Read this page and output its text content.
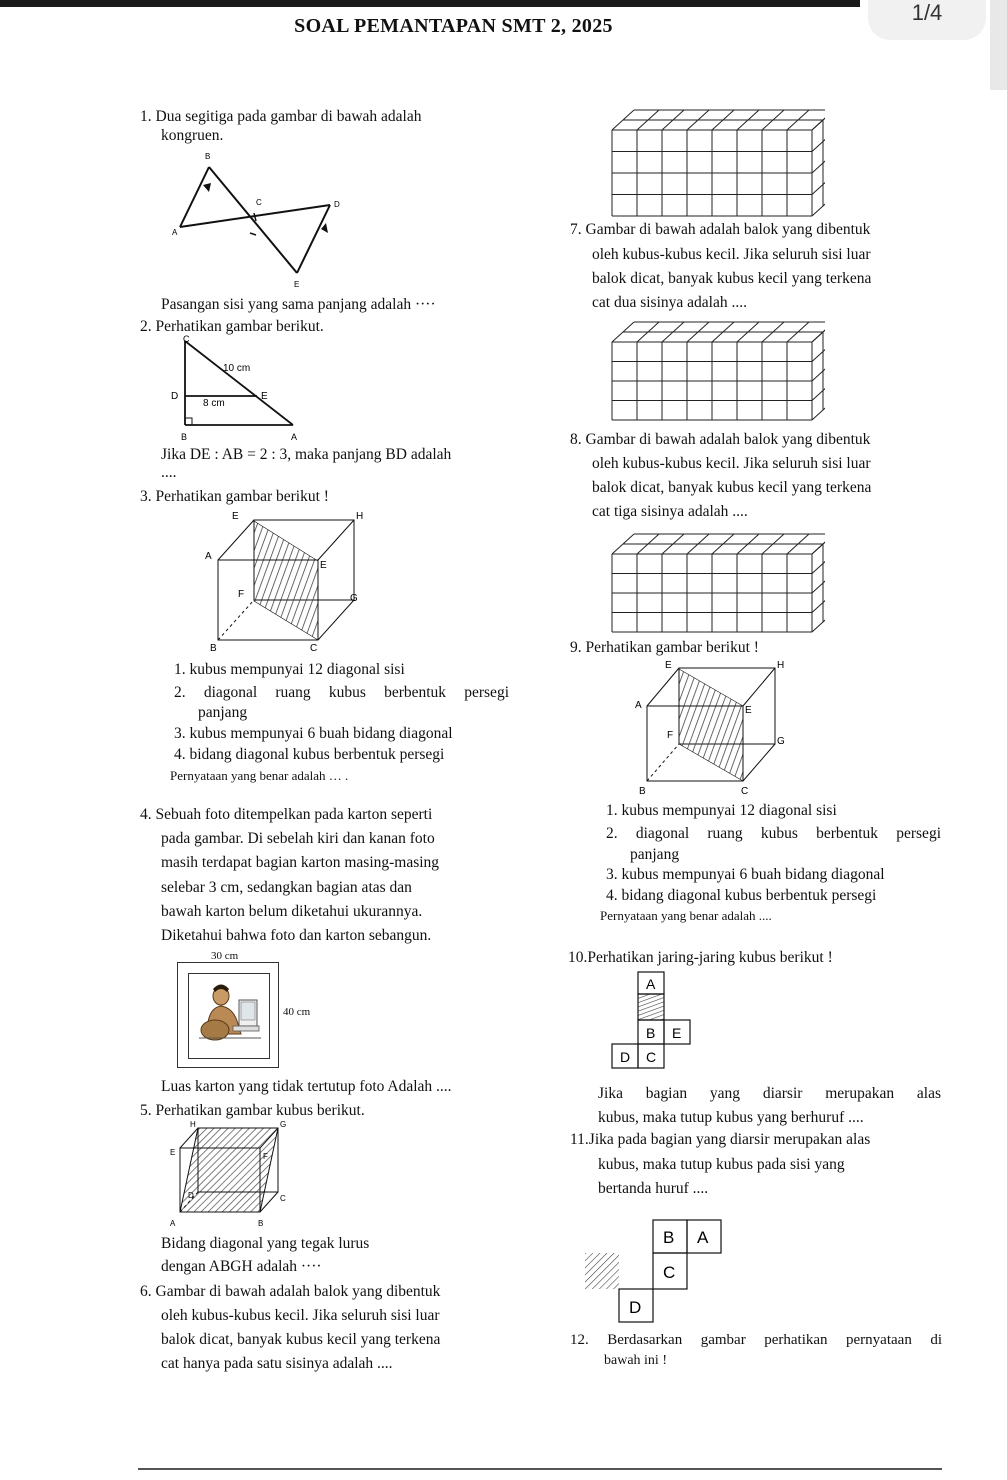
1/4
SOAL PEMANTAPAN SMT 2, 2025
1. Dua segitiga pada gambar di bawah adalah
kongruen.
B
C	D
A
E
Pasangan sisi yang sama panjang adalah ····
2. Perhatikan gambar berikut.
C
10 cm
D	E
8 cm
B	A
Jika DE : AB = 2 : 3, maka panjang BD adalah
....
3. Perhatikan gambar berikut !
E	H
A
E
F	G
B	C
1. kubus mempunyai 12 diagonal sisi
2. diagonal ruang kubus berbentuk persegi
panjang
3. kubus mempunyai 6 buah bidang diagonal
4. bidang diagonal kubus berbentuk persegi
Pernyataan yang benar adalah … .
4. Sebuah foto ditempelkan pada karton seperti
pada gambar. Di sebelah kiri dan kanan foto
masih terdapat bagian karton masing-masing
selebar 3 cm, sedangkan bagian atas dan
bawah karton belum diketahui ukurannya.
Diketahui bahwa foto dan karton sebangun.
30 cm
40 cm
Luas karton yang tidak tertutup foto Adalah ....
5. Perhatikan gambar kubus berikut.
H	G
E	F
D	C
A	B
Bidang diagonal yang tegak lurus
dengan ABGH adalah ····
6. Gambar di bawah adalah balok yang dibentuk
oleh kubus-kubus kecil. Jika seluruh sisi luar
balok dicat, banyak kubus kecil yang terkena
cat hanya pada satu sisinya adalah ....
7. Gambar di bawah adalah balok yang dibentuk
oleh kubus-kubus kecil. Jika seluruh sisi luar
balok dicat, banyak kubus kecil yang terkena
cat dua sisinya adalah ....
8. Gambar di bawah adalah balok yang dibentuk
oleh kubus-kubus kecil. Jika seluruh sisi luar
balok dicat, banyak kubus kecil yang terkena
cat tiga sisinya adalah ....
9. Perhatikan gambar berikut !
E	H
A	E
F
G
B	C
1. kubus mempunyai 12 diagonal sisi
2. diagonal ruang kubus berbentuk persegi
panjang
3. kubus mempunyai 6 buah bidang diagonal
4. bidang diagonal kubus berbentuk persegi
Pernyataan yang benar adalah ....
10.Perhatikan jaring-jaring kubus berikut !
A
B E
D C
Jika bagian yang diarsir merupakan alas
kubus, maka tutup kubus yang berhuruf ....
11.Jika pada bagian yang diarsir merupakan alas
kubus, maka tutup kubus pada sisi yang
bertanda huruf ....
B A
C
D
12. Berdasarkan gambar perhatikan pernyataan di
bawah ini !
